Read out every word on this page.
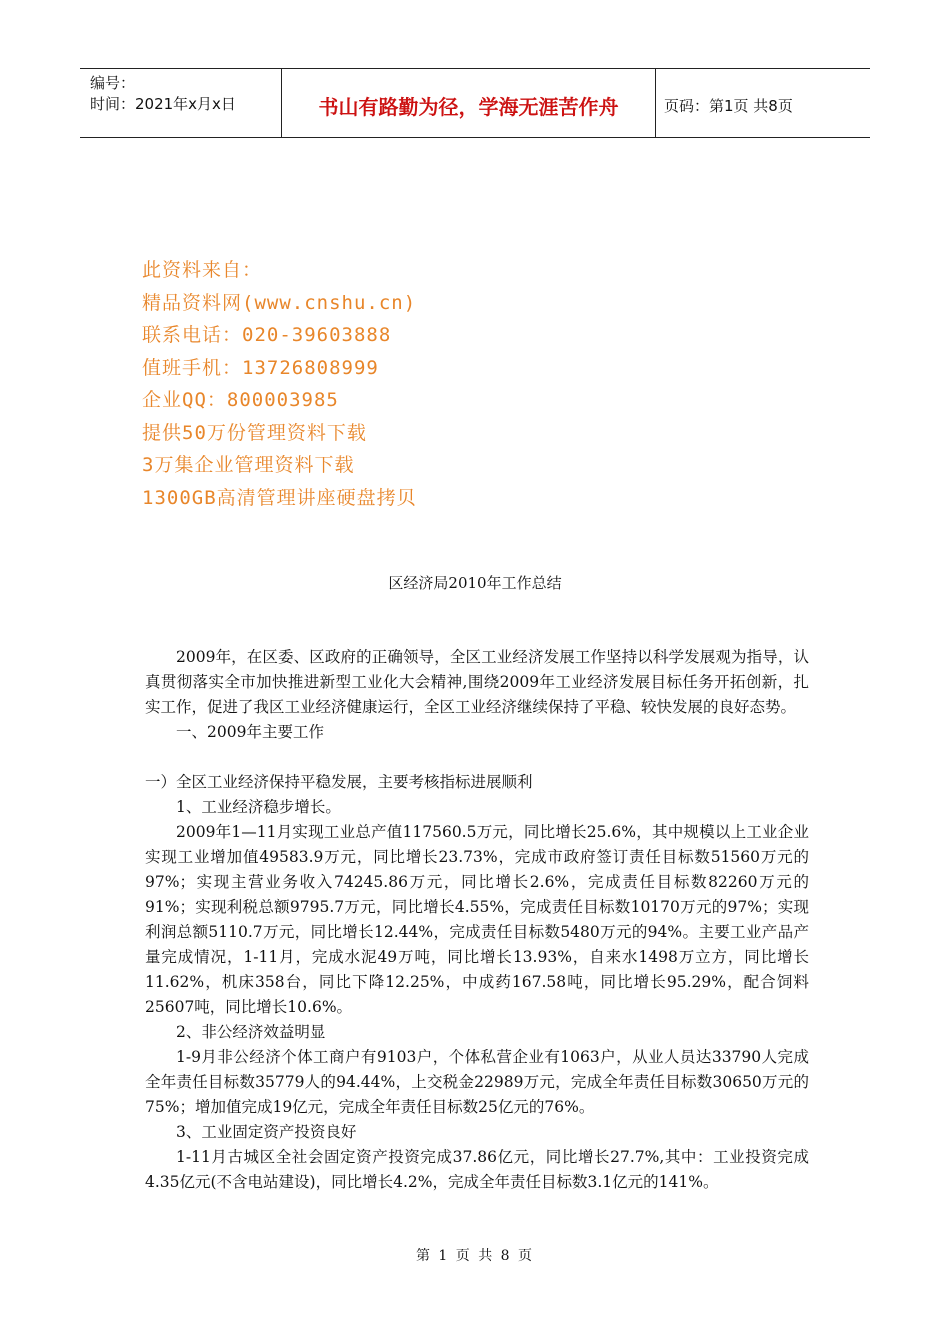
编号：
时间：2021年x月x日	书山有路勤为径，学海无涯苦作舟	页码：第1页 共8页
此资料来自：
精品资料网(www.cnshu.cn)
联系电话：020-39603888
值班手机：13726808999
企业QQ：800003985
提供50万份管理资料下载
3万集企业管理资料下载
1300GB高清管理讲座硬盘拷贝
区经济局2010年工作总结

2009年，在区委、区政府的正确领导，全区工业经济发展工作坚持以科学发展观为指导，认真贯彻落实全市加快推进新型工业化大会精神,围绕2009年工业经济发展目标任务开拓创新，扎实工作，促进了我区工业经济健康运行，全区工业经济继续保持了平稳、较快发展的良好态势。

一、2009年主要工作

一）全区工业经济保持平稳发展，主要考核指标进展顺利

1、工业经济稳步增长。

2009年1—11月实现工业总产值117560.5万元，同比增长25.6%，其中规模以上工业企业实现工业增加值49583.9万元，同比增长23.73%，完成市政府签订责任目标数51560万元的97%；实现主营业务收入74245.86万元，同比增长2.6%，完成责任目标数82260万元的91%；实现利税总额9795.7万元，同比增长4.55%，完成责任目标数10170万元的97%；实现利润总额5110.7万元，同比增长12.44%，完成责任目标数5480万元的94%。主要工业产品产量完成情况，1-11月，完成水泥49万吨，同比增长13.93%，自来水1498万立方，同比增长11.62%，机床358台，同比下降12.25%，中成药167.58吨，同比增长95.29%，配合饲料25607吨，同比增长10.6%。

2、非公经济效益明显

1-9月非公经济个体工商户有9103户，个体私营企业有1063户，从业人员达33790人完成全年责任目标数35779人的94.44%，上交税金22989万元，完成全年责任目标数30650万元的75%；增加值完成19亿元，完成全年责任目标数25亿元的76%。

3、工业固定资产投资良好

1-11月古城区全社会固定资产投资完成37.86亿元，同比增长27.7%,其中：工业投资完成4.35亿元(不含电站建设)，同比增长4.2%，完成全年责任目标数3.1亿元的141%。

第 1 页 共 8 页
